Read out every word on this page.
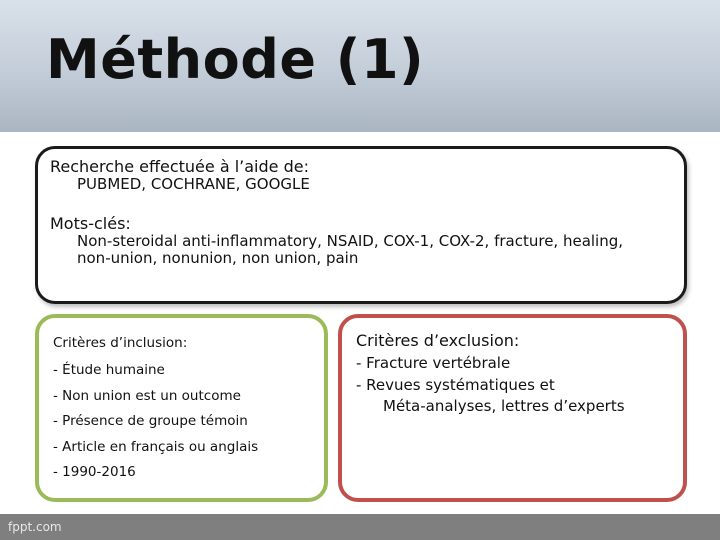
Méthode (1)
Recherche effectuée à l’aide de:
PUBMED, COCHRANE, GOOGLE
Mots-clés:
Non-steroidal anti-inflammatory, NSAID, COX-1, COX-2, fracture, healing,
non-union, nonunion, non union, pain
Critères d’inclusion:
- Étude humaine
- Non union est un outcome
- Présence de groupe témoin
- Article en français ou anglais
- 1990-2016
Critères d’exclusion:
- Fracture vertébrale
- Revues systématiques et
Méta-analyses, lettres d’experts
fppt.com
